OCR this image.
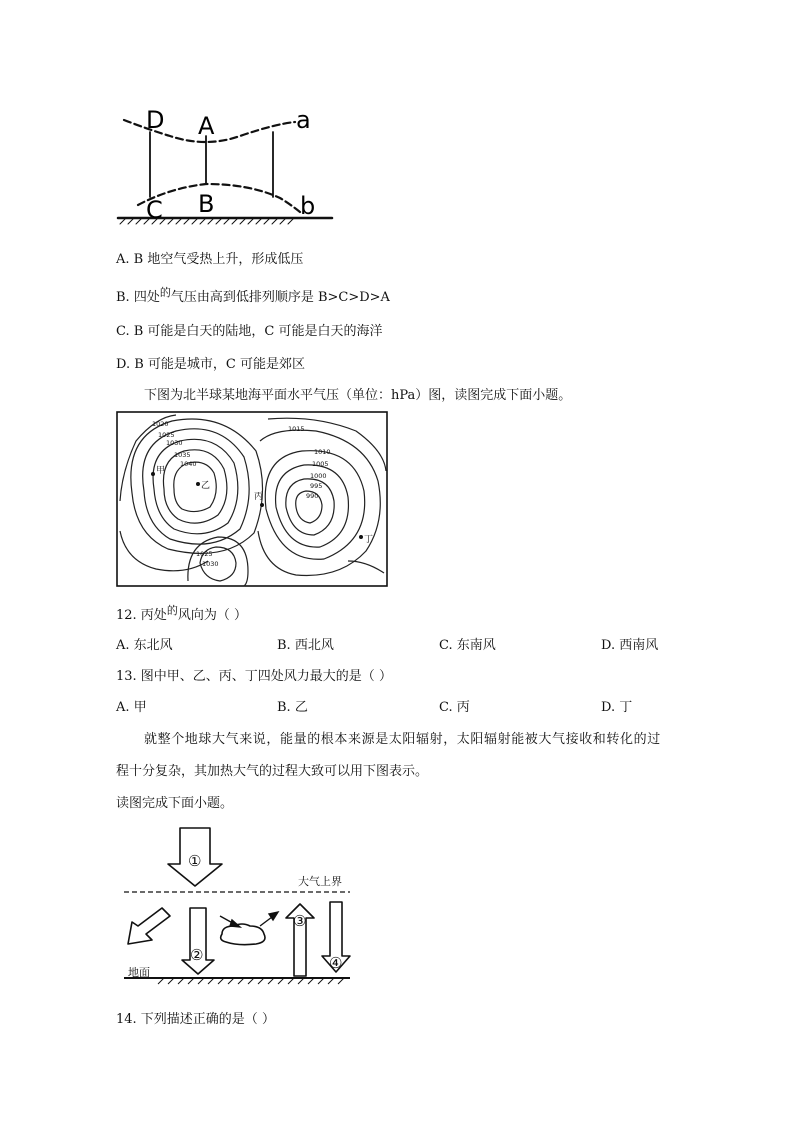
D A	a
C B	b
A. B 地空气受热上升，形成低压
B. 四处$^的$气压由高到低排列顺序是 B>C>D>A
C. B 可能是白天的陆地，C 可能是白天的海洋
D. B 可能是城市，C 可能是郊区
下图为北半球某地海平面水平气压（单位：hPa）图，读图完成下面小题。
1020
1025
1030
1035
1040
1015
1010
1005
1000
995
990
1025
1030
甲
乙
丙
丁
12. 丙处$^的$风向为（ ）
A. 东北风	B. 西北风	C. 东南风	D. 西南风
13. 图中甲、乙、丙、丁四处风力最大的是（ ）
A. 甲	B. 乙	C. 丙	D. 丁
就整个地球大气来说，能量的根本来源是太阳辐射，太阳辐射能被大气接收和转化的过
程十分复杂，其加热大气的过程大致可以用下图表示。
读图完成下面小题。
大气上界
地面
①
②
③
④
14. 下列描述正确的是（ ）
